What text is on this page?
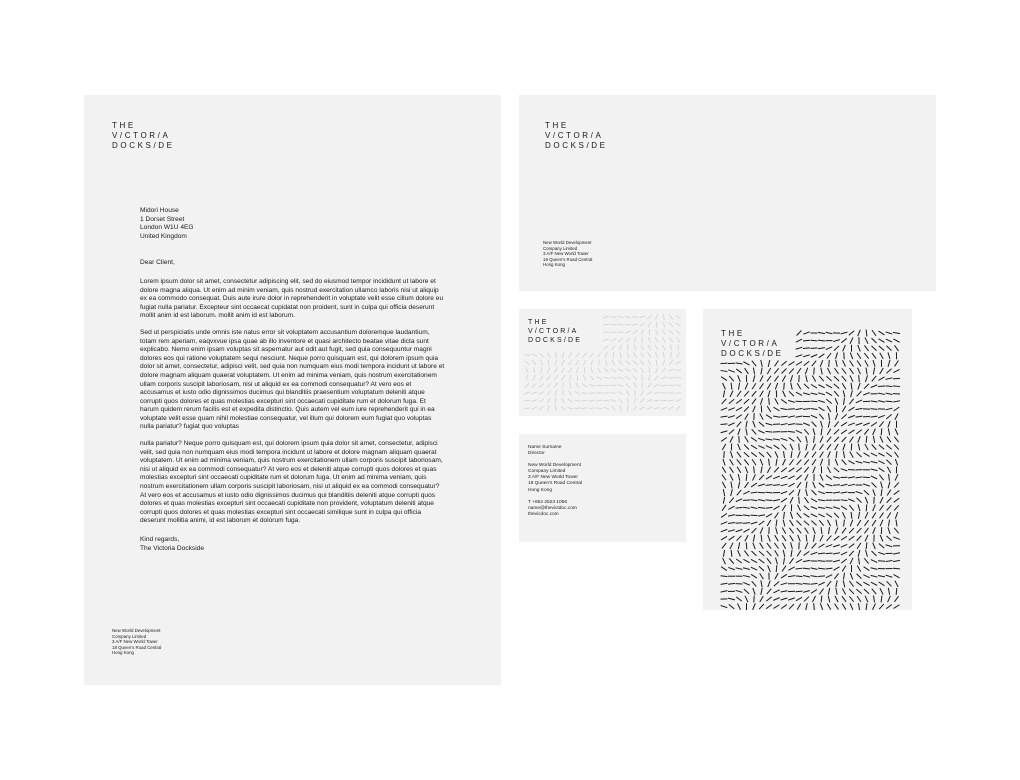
THE
V/CTOR/A
DOCKS/DE
Midori House
1 Dorset Street
London W1U 4EG
United Kingdom

Dear Client,

Lorem ipsum dolor sit amet, consectetur adipiscing elit, sed do eiusmod tempor incididunt ut labore et dolore magna aliqua. Ut enim ad minim veniam, quis nostrud exercitation ullamco laboris nisi ut aliquip ex ea commodo consequat. Duis aute irure dolor in reprehenderit in voluptate velit esse cillum dolore eu fugiat nulla pariatur. Excepteur sint occaecat cupidatat non proident, sunt in culpa qui officia deserunt mollit anim id est laborum. mollit anim id est laborum.

Sed ut perspiciatis unde omnis iste natus error sit voluptatem accusantium doloremque laudantium, totam rem aperiam, eaqvxvue ipsa quae ab illo inventore et quasi architecto beatae vitae dicta sunt explicabo. Nemo enim ipsam voluptas sit aspernatur aut odit aut fugit, sed quia consequuntur magni dolores eos qui ratione voluptatem sequi nesciunt. Neque porro quisquam est, qui dolorem ipsum quia dolor sit amet, consectetur, adipisci velit, sed quia non numquam eius modi tempora incidunt ut labore et dolore magnam aliquam quaerat voluptatem. Ut enim ad minima veniam, quis nostrum exercitationem ullam corporis suscipit laboriosam, nisi ut aliquid ex ea commodi consequatur? At vero eos et accusamus et iusto odio dignissimos ducimus qui blanditiis praesentium voluptatum deleniti atque corrupti quos dolores et quas molestias excepturi sint occaecati cupiditate rum et dolorum fuga. Et harum quidem rerum facilis est et expedita distinctio. Quis autem vel eum iure reprehenderit qui in ea voluptate velit esse quam nihil molestiae consequatur, vel illum qui dolorem eum fugiat quo voluptas nulla pariatur? fugiat quo voluptas

nulla pariatur? Neque porro quisquam est, qui dolorem ipsum quia dolor sit amet, consectetur, adipisci velit, sed quia non numquam eius modi tempora incidunt ut labore et dolore magnam aliquam quaerat voluptatem. Ut enim ad minima veniam, quis nostrum exercitationem ullam corporis suscipit laboriosam, nisi ut aliquid ex ea commodi consequatur? At vero eos et deleniti atque corrupti quos dolores et quas molestias excepturi sint occaecati cupiditate rum et dolorum fuga. Ut enim ad minima veniam, quis nostrum exercitationem ullam corporis suscipit laboriosam, nisi ut aliquid ex ea commodi consequatur? At vero eos et accusamus et iusto odio dignissimos ducimus qui blanditiis deleniti atque corrupti quos dolores et quas molestias excepturi sint occaecati cupiditate non provident, voluptatum deleniti atque corrupti quos dolores et quas molestias excepturi sint occaecati similique sunt in culpa qui officia deserunt mollitia animi, id est laborum et dolorum fuga.

Kind regards,
The Victoria Dockside
New World Development
Company Limited
3 A/F New World Tower
18 Queen's Road Central
Hong Kong
THE
V/CTOR/A
DOCKS/DE
New World Development
Company Limited
3 A/F New World Tower
18 Queen's Road Central
Hong Kong
THE
V/CTOR/A
DOCKS/DE
Name Surname
Director
New World Development
Company Limited
3 A/F New World Tower
18 Queen's Road Central
Hong Kong
T +852 2523 1056
name@thevictdoc.com
thevicdoc.com
THE
V/CTOR/A
DOCKS/DE
